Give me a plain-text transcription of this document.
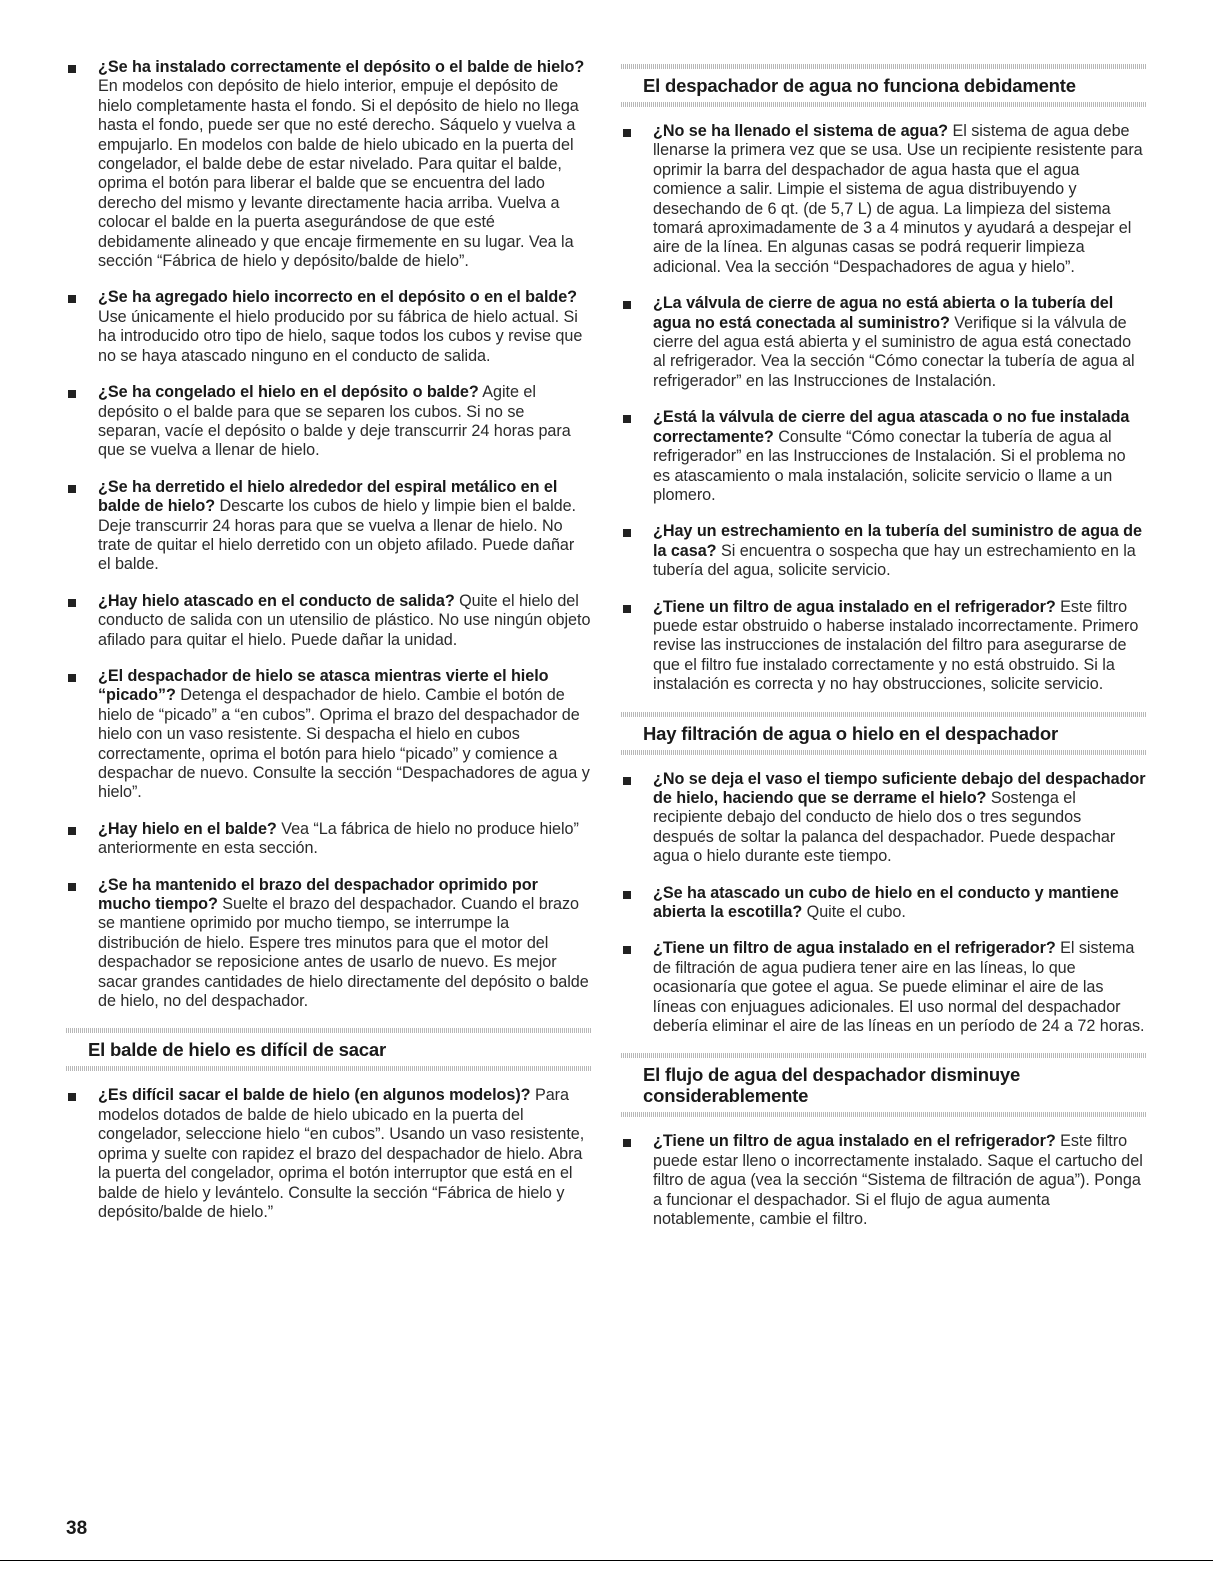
¿Se ha instalado correctamente el depósito o el balde de hielo? En modelos con depósito de hielo interior, empuje el depósito de hielo completamente hasta el fondo. Si el depósito de hielo no llega hasta el fondo, puede ser que no esté derecho. Sáquelo y vuelva a empujarlo. En modelos con balde de hielo ubicado en la puerta del congelador, el balde debe de estar nivelado. Para quitar el balde, oprima el botón para liberar el balde que se encuentra del lado derecho del mismo y levante directamente hacia arriba. Vuelva a colocar el balde en la puerta asegurándose de que esté debidamente alineado y que encaje firmemente en su lugar. Vea la sección “Fábrica de hielo y depósito/balde de hielo”.
¿Se ha agregado hielo incorrecto en el depósito o en el balde? Use únicamente el hielo producido por su fábrica de hielo actual. Si ha introducido otro tipo de hielo, saque todos los cubos y revise que no se haya atascado ninguno en el conducto de salida.
¿Se ha congelado el hielo en el depósito o balde? Agite el depósito o el balde para que se separen los cubos. Si no se separan, vacíe el depósito o balde y deje transcurrir 24 horas para que se vuelva a llenar de hielo.
¿Se ha derretido el hielo alrededor del espiral metálico en el balde de hielo? Descarte los cubos de hielo y limpie bien el balde. Deje transcurrir 24 horas para que se vuelva a llenar de hielo. No trate de quitar el hielo derretido con un objeto afilado. Puede dañar el balde.
¿Hay hielo atascado en el conducto de salida? Quite el hielo del conducto de salida con un utensilio de plástico. No use ningún objeto afilado para quitar el hielo. Puede dañar la unidad.
¿El despachador de hielo se atasca mientras vierte el hielo “picado”? Detenga el despachador de hielo. Cambie el botón de hielo de “picado” a “en cubos”. Oprima el brazo del despachador de hielo con un vaso resistente. Si despacha el hielo en cubos correctamente, oprima el botón para hielo “picado” y comience a despachar de nuevo. Consulte la sección “Despachadores de agua y hielo”.
¿Hay hielo en el balde? Vea “La fábrica de hielo no produce hielo” anteriormente en esta sección.
¿Se ha mantenido el brazo del despachador oprimido por mucho tiempo? Suelte el brazo del despachador. Cuando el brazo se mantiene oprimido por mucho tiempo, se interrumpe la distribución de hielo. Espere tres minutos para que el motor del despachador se reposicione antes de usarlo de nuevo. Es mejor sacar grandes cantidades de hielo directamente del depósito o balde de hielo, no del despachador.
El balde de hielo es difícil de sacar
¿Es difícil sacar el balde de hielo (en algunos modelos)? Para modelos dotados de balde de hielo ubicado en la puerta del congelador, seleccione hielo “en cubos”. Usando un vaso resistente, oprima y suelte con rapidez el brazo del despachador de hielo. Abra la puerta del congelador, oprima el botón interruptor que está en el balde de hielo y levántelo. Consulte la sección “Fábrica de hielo y depósito/balde de hielo.”
El despachador de agua no funciona debidamente
¿No se ha llenado el sistema de agua? El sistema de agua debe llenarse la primera vez que se usa. Use un recipiente resistente para oprimir la barra del despachador de agua hasta que el agua comience a salir. Limpie el sistema de agua distribuyendo y desechando de 6 qt. (de 5,7 L) de agua. La limpieza del sistema tomará aproximadamente de 3 a 4 minutos y ayudará a despejar el aire de la línea. En algunas casas se podrá requerir limpieza adicional. Vea la sección “Despachadores de agua y hielo”.
¿La válvula de cierre de agua no está abierta o la tubería del agua no está conectada al suministro? Verifique si la válvula de cierre del agua está abierta y el suministro de agua está conectado al refrigerador. Vea la sección “Cómo conectar la tubería de agua al refrigerador” en las Instrucciones de Instalación.
¿Está la válvula de cierre del agua atascada o no fue instalada correctamente? Consulte “Cómo conectar la tubería de agua al refrigerador” en las Instrucciones de Instalación. Si el problema no es atascamiento o mala instalación, solicite servicio o llame a un plomero.
¿Hay un estrechamiento en la tubería del suministro de agua de la casa? Si encuentra o sospecha que hay un estrechamiento en la tubería del agua, solicite servicio.
¿Tiene un filtro de agua instalado en el refrigerador? Este filtro puede estar obstruido o haberse instalado incorrectamente. Primero revise las instrucciones de instalación del filtro para asegurarse de que el filtro fue instalado correctamente y no está obstruido. Si la instalación es correcta y no hay obstrucciones, solicite servicio.
Hay filtración de agua o hielo en el despachador
¿No se deja el vaso el tiempo suficiente debajo del despachador de hielo, haciendo que se derrame el hielo? Sostenga el recipiente debajo del conducto de hielo dos o tres segundos después de soltar la palanca del despachador. Puede despachar agua o hielo durante este tiempo.
¿Se ha atascado un cubo de hielo en el conducto y mantiene abierta la escotilla? Quite el cubo.
¿Tiene un filtro de agua instalado en el refrigerador? El sistema de filtración de agua pudiera tener aire en las líneas, lo que ocasionaría que gotee el agua. Se puede eliminar el aire de las líneas con enjuagues adicionales. El uso normal del despachador debería eliminar el aire de las líneas en un período de 24 a 72 horas.
El flujo de agua del despachador disminuye considerablemente
¿Tiene un filtro de agua instalado en el refrigerador? Este filtro puede estar lleno o incorrectamente instalado. Saque el cartucho del filtro de agua (vea la sección “Sistema de filtración de agua”). Ponga a funcionar el despachador. Si el flujo de agua aumenta notablemente, cambie el filtro.
38
